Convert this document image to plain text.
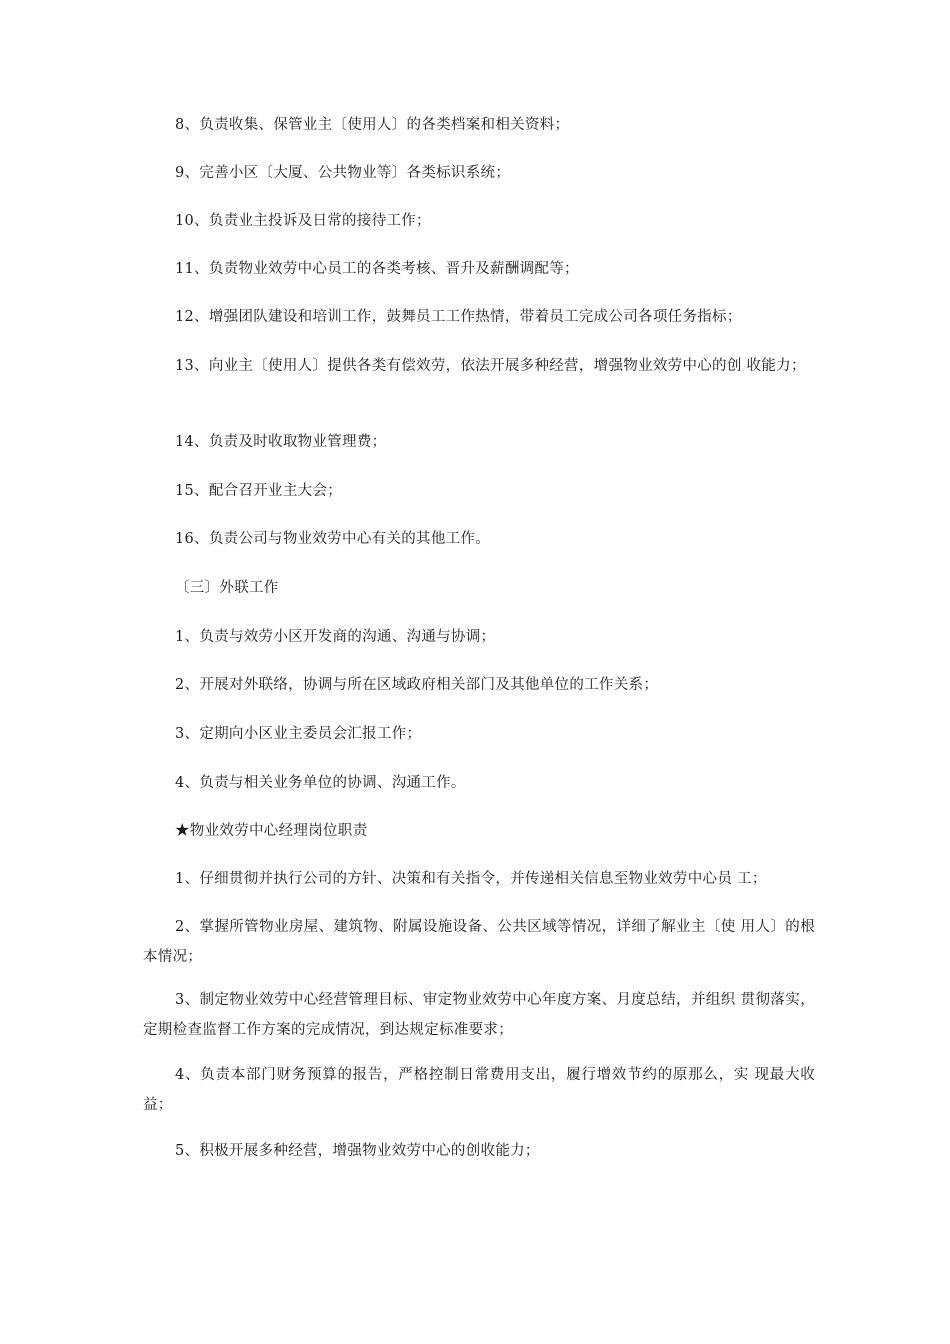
8、负责收集、保管业主〔使用人〕的各类档案和相关资料；

9、完善小区〔大厦、公共物业等〕各类标识系统；

10、负责业主投诉及日常的接待工作；

11、负责物业效劳中心员工的各类考核、晋升及薪酬调配等；

12、增强团队建设和培训工作，鼓舞员工工作热情，带着员工完成公司各项任务指标；

13、向业主〔使用人〕提供各类有偿效劳，依法开展多种经营，增强物业效劳中心的创 收能力；

14、负责及时收取物业管理费；

15、配合召开业主大会；

16、负责公司与物业效劳中心有关的其他工作。

〔三〕外联工作

1、负责与效劳小区开发商的沟通、沟通与协调；

2、开展对外联络，协调与所在区域政府相关部门及其他单位的工作关系；

3、定期向小区业主委员会汇报工作；

4、负责与相关业务单位的协调、沟通工作。

★物业效劳中心经理岗位职责

1、仔细贯彻并执行公司的方针、决策和有关指令，并传递相关信息至物业效劳中心员 工；

2、掌握所管物业房屋、建筑物、附属设施设备、公共区域等情况，详细了解业主〔使 用人〕的根本情况；

3、制定物业效劳中心经营管理目标、审定物业效劳中心年度方案、月度总结，并组织 贯彻落实，定期检查监督工作方案的完成情况，到达规定标准要求；

4、负责本部门财务预算的报告，严格控制日常费用支出，履行增效节约的原那么，实 现最大收益；

5、积极开展多种经营，增强物业效劳中心的创收能力；
